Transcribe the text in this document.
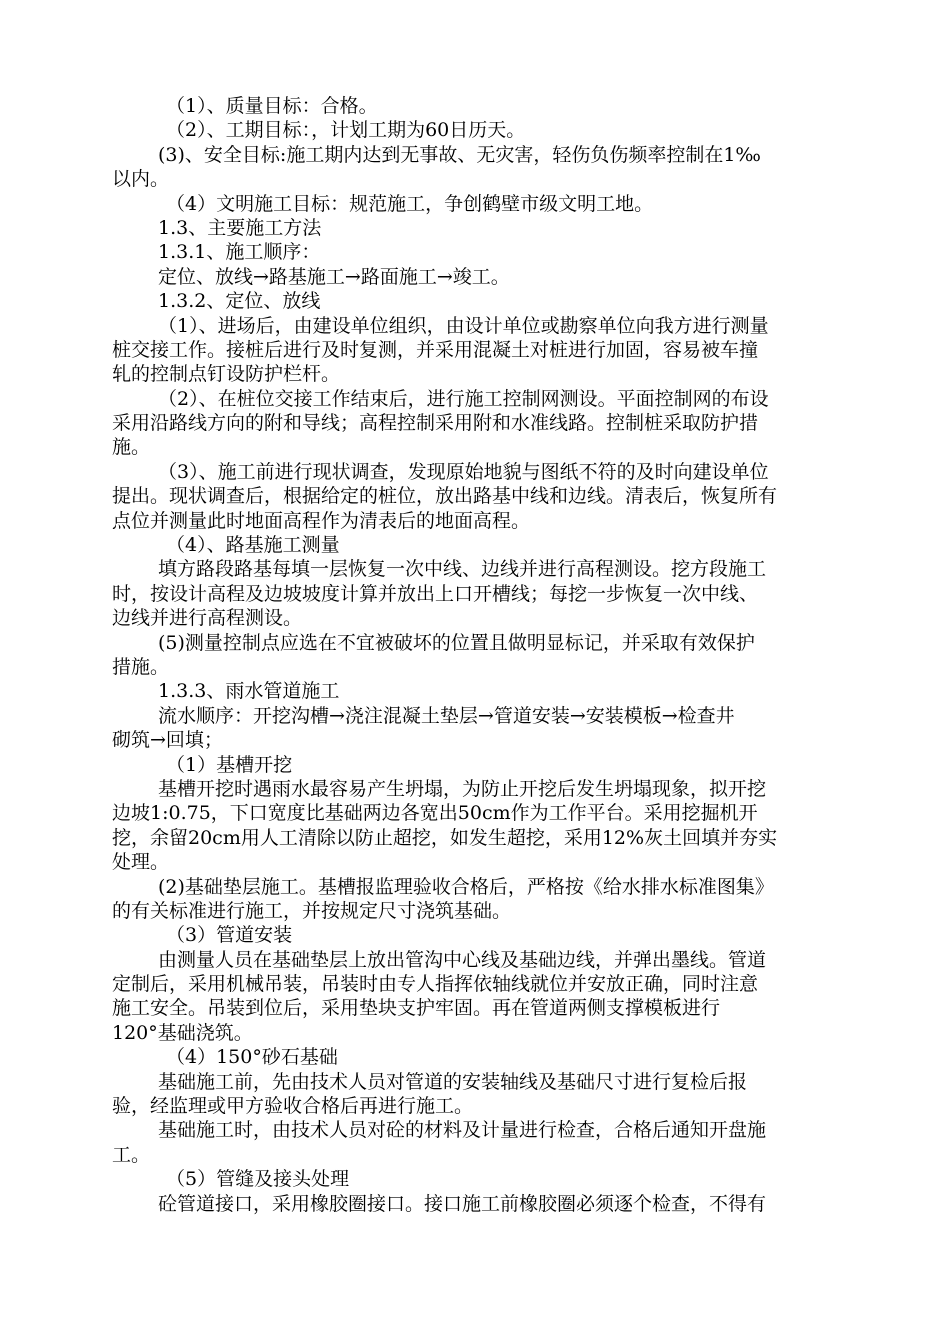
（1）、质量目标：合格。
（2）、工期目标：，计划工期为60日历天。
(3)、安全目标:施工期内达到无事故、无灾害，轻伤负伤频率控制在1‰
以内。
（4）文明施工目标：规范施工，争创鹤壁市级文明工地。
1.3、主要施工方法
1.3.1、施工顺序：
定位、放线→路基施工→路面施工→竣工。
1.3.2、定位、放线
（1）、进场后，由建设单位组织，由设计单位或勘察单位向我方进行测量
桩交接工作。接桩后进行及时复测，并采用混凝土对桩进行加固，容易被车撞
轧的控制点钉设防护栏杆。
（2）、在桩位交接工作结束后，进行施工控制网测设。平面控制网的布设
采用沿路线方向的附和导线；高程控制采用附和水准线路。控制桩采取防护措
施。
（3）、施工前进行现状调查，发现原始地貌与图纸不符的及时向建设单位
提出。现状调查后，根据给定的桩位，放出路基中线和边线。清表后，恢复所有
点位并测量此时地面高程作为清表后的地面高程。
（4）、路基施工测量
填方路段路基每填一层恢复一次中线、边线并进行高程测设。挖方段施工
时，按设计高程及边坡坡度计算并放出上口开槽线；每挖一步恢复一次中线、
边线并进行高程测设。
(5)测量控制点应选在不宜被破坏的位置且做明显标记，并采取有效保护
措施。
1.3.3、雨水管道施工
流水顺序：开挖沟槽→浇注混凝土垫层→管道安装→安装模板→检查井
砌筑→回填；
（1）基槽开挖
基槽开挖时遇雨水最容易产生坍塌，为防止开挖后发生坍塌现象，拟开挖
边坡1:0.75，下口宽度比基础两边各宽出50cm作为工作平台。采用挖掘机开
挖，余留20cm用人工清除以防止超挖，如发生超挖，采用12%灰土回填并夯实
处理。
(2)基础垫层施工。基槽报监理验收合格后，严格按《给水排水标准图集》
的有关标准进行施工，并按规定尺寸浇筑基础。
（3）管道安装
由测量人员在基础垫层上放出管沟中心线及基础边线，并弹出墨线。管道
定制后，采用机械吊装，吊装时由专人指挥依轴线就位并安放正确，同时注意
施工安全。吊装到位后，采用垫块支护牢固。再在管道两侧支撑模板进行
120°基础浇筑。
（4）150°砂石基础
基础施工前，先由技术人员对管道的安装轴线及基础尺寸进行复检后报
验，经监理或甲方验收合格后再进行施工。
基础施工时，由技术人员对砼的材料及计量进行检查，合格后通知开盘施
工。
（5）管缝及接头处理
砼管道接口，采用橡胶圈接口。接口施工前橡胶圈必须逐个检查，不得有
